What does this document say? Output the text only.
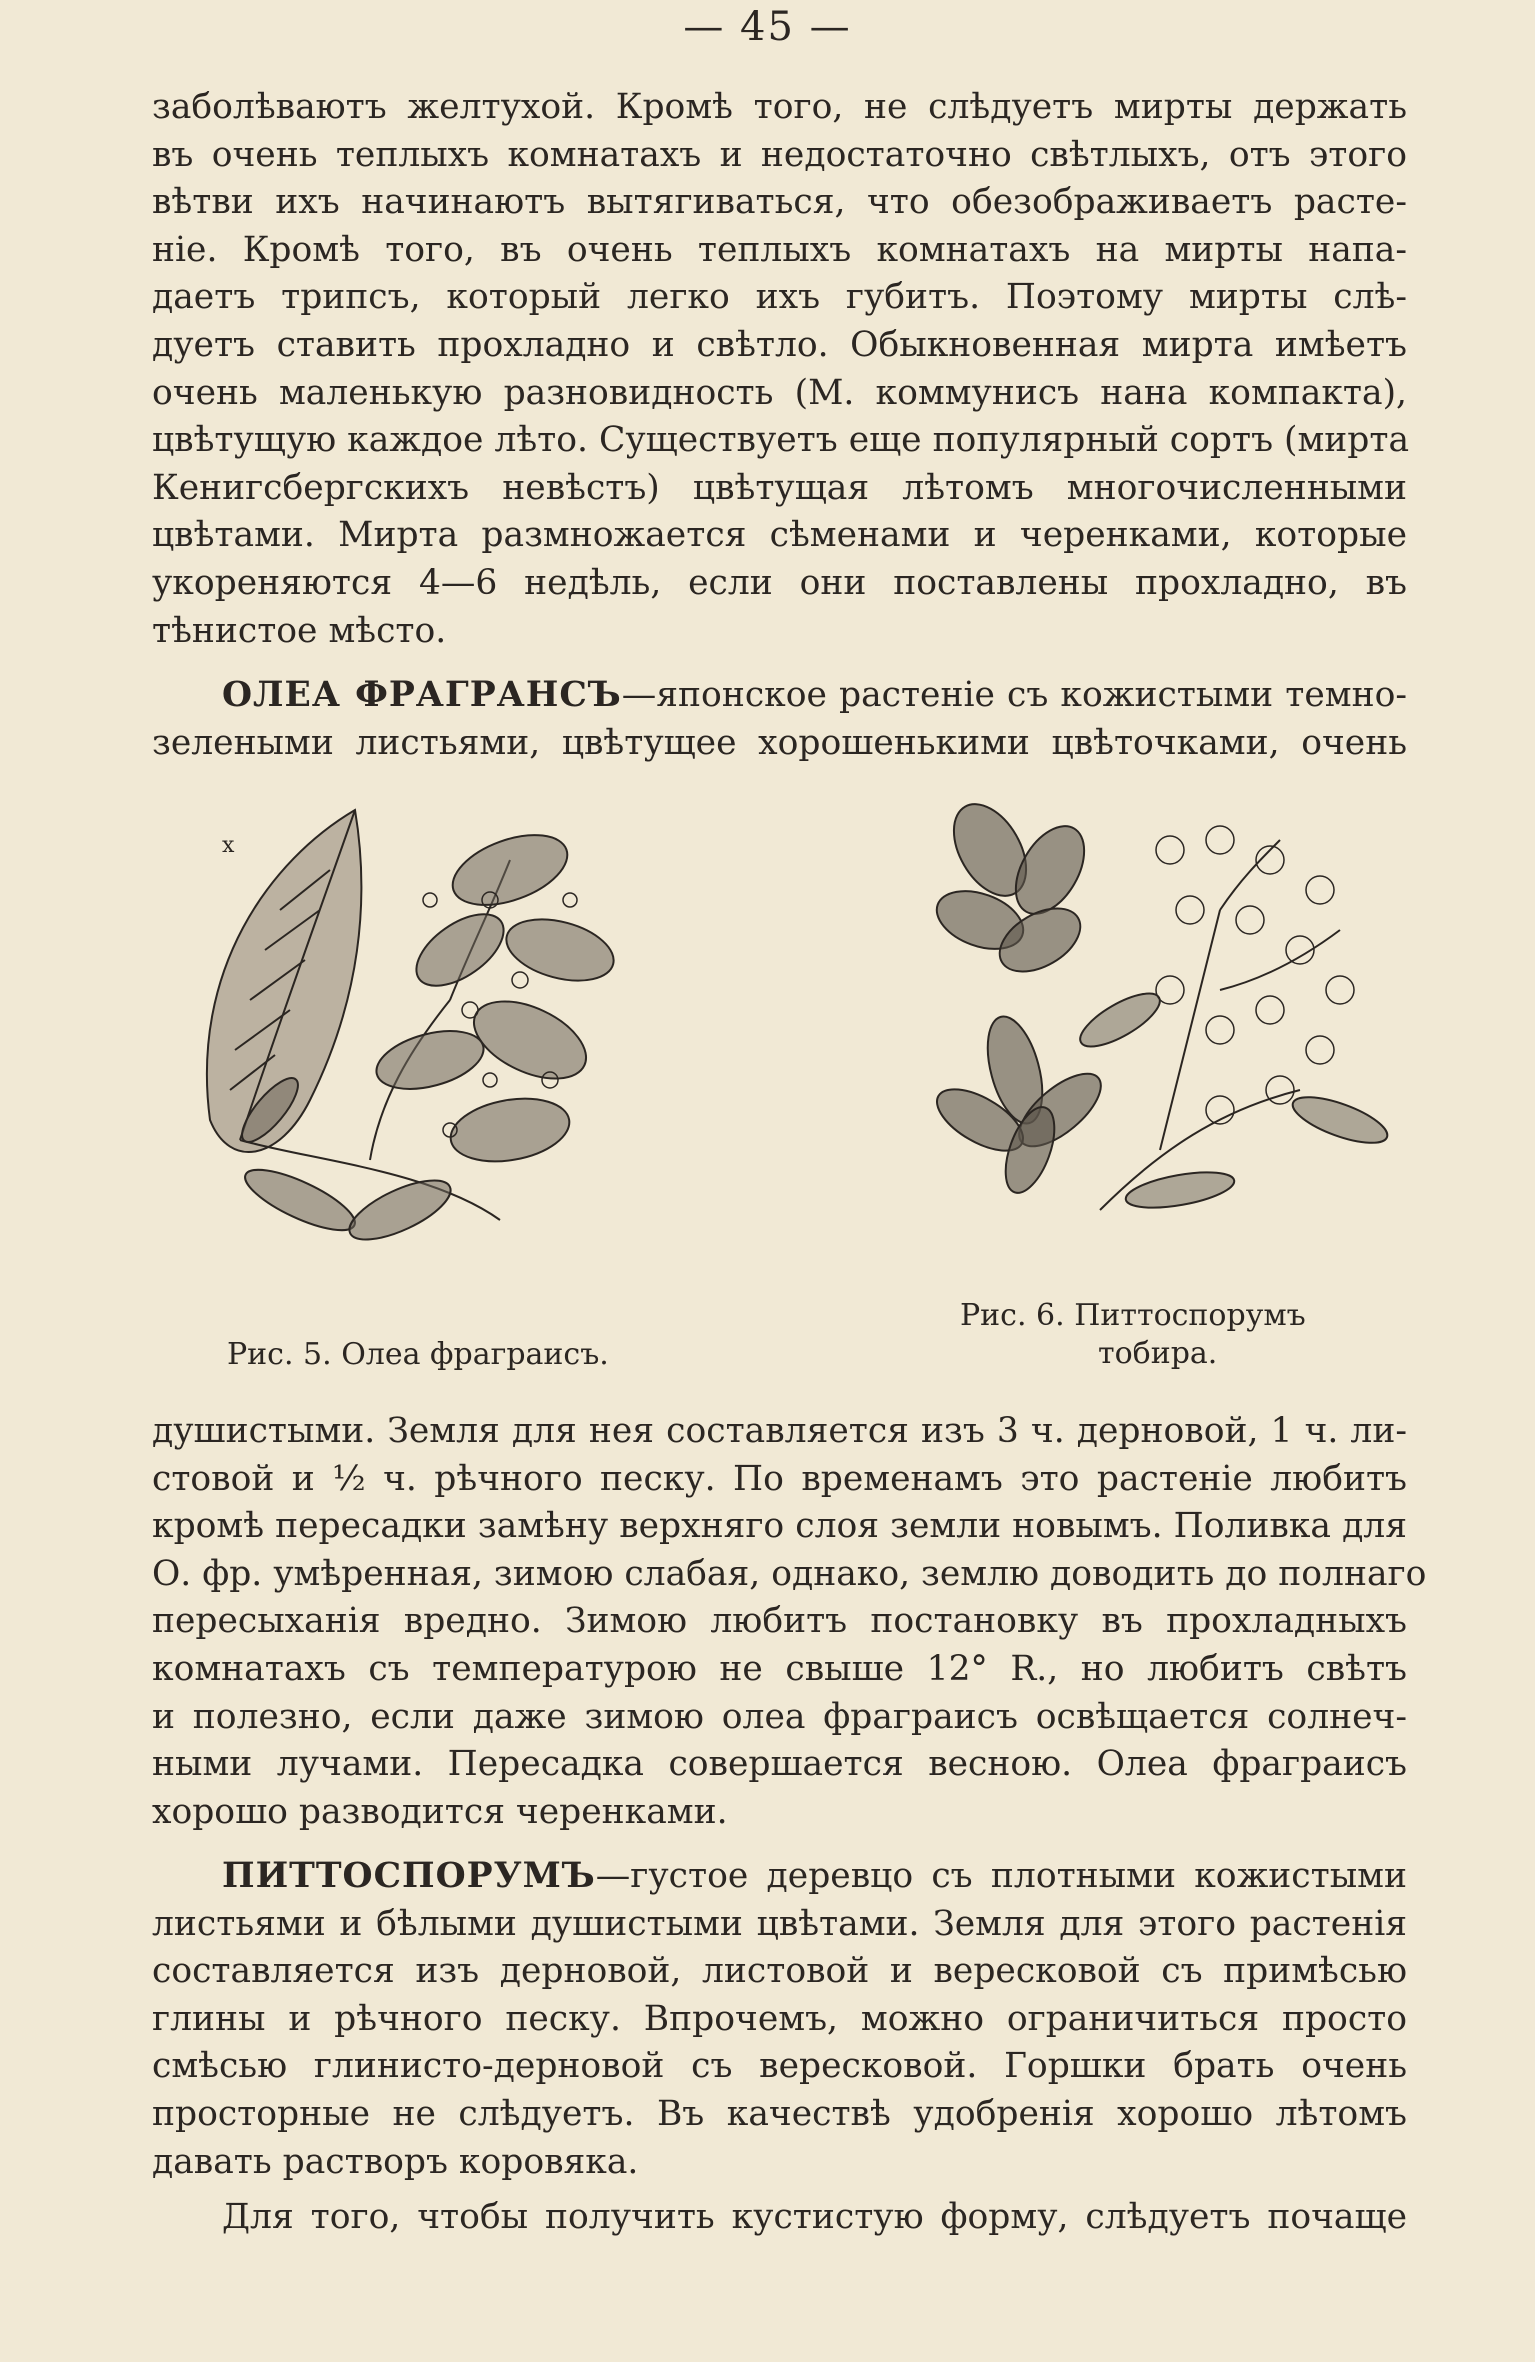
— 45 —
заболѣваютъ желтухой. Кромѣ того, не слѣдуетъ мирты держать
въ очень теплыхъ комнатахъ и недостаточно свѣтлыхъ, отъ этого
вѣтви ихъ начинаютъ вытягиваться, что обезображиваетъ расте-
ніе. Кромѣ того, въ очень теплыхъ комнатахъ на мирты напа-
даетъ трипсъ, который легко ихъ губитъ. Поэтому мирты слѣ-
дуетъ ставить прохладно и свѣтло. Обыкновенная мирта имѣетъ
очень маленькую разновидность (М. коммунисъ нана компакта),
цвѣтущую каждое лѣто. Существуетъ еще популярный сортъ (мирта
Кенигсбергскихъ невѣстъ) цвѣтущая лѣтомъ многочисленными
цвѣтами. Мирта размножается сѣменами и черенками, которые
укореняются 4—6 недѣль, если они поставлены прохладно, въ
тѣнистое мѣсто.
ОЛЕА ФРАГРАНСЪ—японское растеніе съ кожистыми темно-
зелеными листьями, цвѣтущее хорошенькими цвѣточками, очень
x
Рис. 5. Олеа фраграисъ.
Рис. 6. Питтоспорумъ
тобира.
душистыми. Земля для нея составляется изъ 3 ч. дерновой, 1 ч. ли-
стовой и ½ ч. рѣчного песку. По временамъ это растеніе любитъ
кромѣ пересадки замѣну верхняго слоя земли новымъ. Поливка для
О. фр. умѣренная, зимою слабая, однако, землю доводить до полнаго
пересыханія вредно. Зимою любитъ постановку въ прохладныхъ
комнатахъ съ температурою не свыше 12° R., но любитъ свѣтъ
и полезно, если даже зимою олеа фраграисъ освѣщается солнеч-
ными лучами. Пересадка совершается весною. Олеа фраграисъ
хорошо разводится черенками.
ПИТТОСПОРУМЪ—густое деревцо съ плотными кожистыми
листьями и бѣлыми душистыми цвѣтами. Земля для этого растенія
составляется изъ дерновой, листовой и вересковой съ примѣсью
глины и рѣчного песку. Впрочемъ, можно ограничиться просто
смѣсью глинисто-дерновой съ вересковой. Горшки брать очень
просторные не слѣдуетъ. Въ качествѣ удобренія хорошо лѣтомъ
давать растворъ коровяка.
Для того, чтобы получить кустистую форму, слѣдуетъ почаще
